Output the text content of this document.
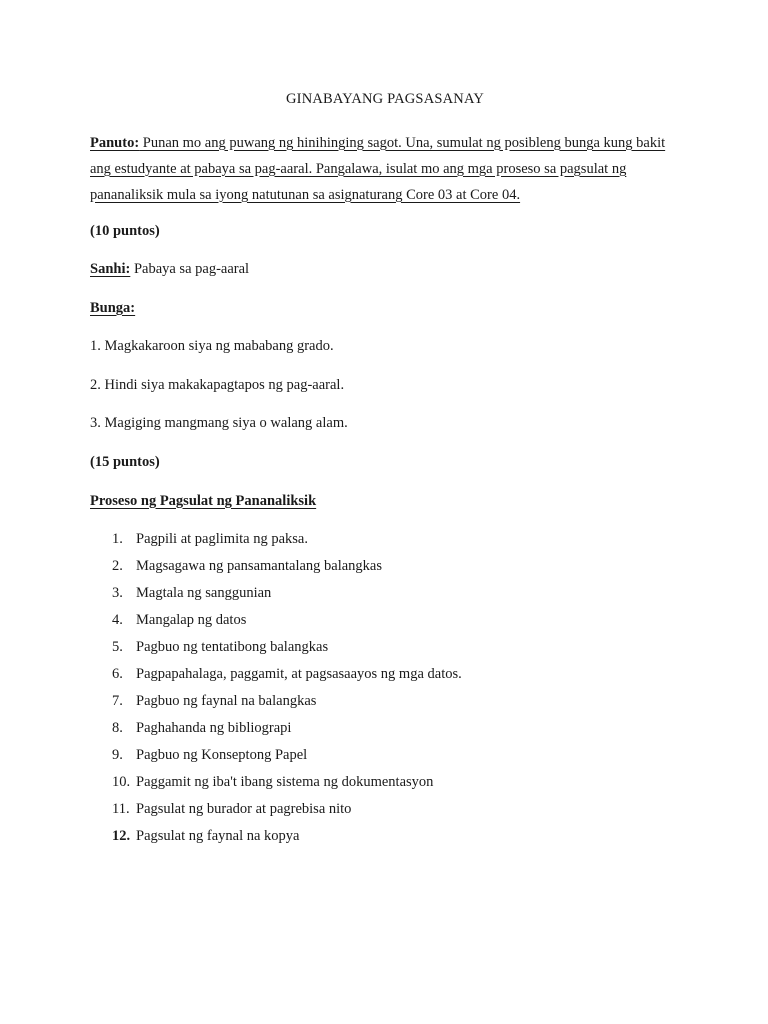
GINABAYANG PAGSASANAY
Panuto: Punan mo ang puwang ng hinihinging sagot. Una, sumulat ng posibleng bunga kung bakit ang estudyante at pabaya sa pag-aaral. Pangalawa, isulat mo ang mga proseso sa pagsulat ng pananaliksik mula sa iyong natutunan sa asignaturang Core 03 at Core 04.
(10 puntos)
Sanhi: Pabaya sa pag-aaral
Bunga:
1. Magkakaroon siya ng mababang grado.
2. Hindi siya makakapagtapos ng pag-aaral.
3. Magiging mangmang siya o walang alam.
(15 puntos)
Proseso ng Pagsulat ng Pananaliksik
1. Pagpili at paglimita ng paksa.
2. Magsagawa ng pansamantalang balangkas
3. Magtala ng sanggunian
4. Mangalap ng datos
5. Pagbuo ng tentatibong balangkas
6. Pagpapahalaga, paggamit, at pagsasaayos ng mga datos.
7. Pagbuo ng faynal na balangkas
8. Paghahanda ng bibliograpi
9. Pagbuo ng Konseptong Papel
10. Paggamit ng iba't ibang sistema ng dokumentasyon
11. Pagsulat ng burador at pagrebisa nito
12. Pagsulat ng faynal na kopya
